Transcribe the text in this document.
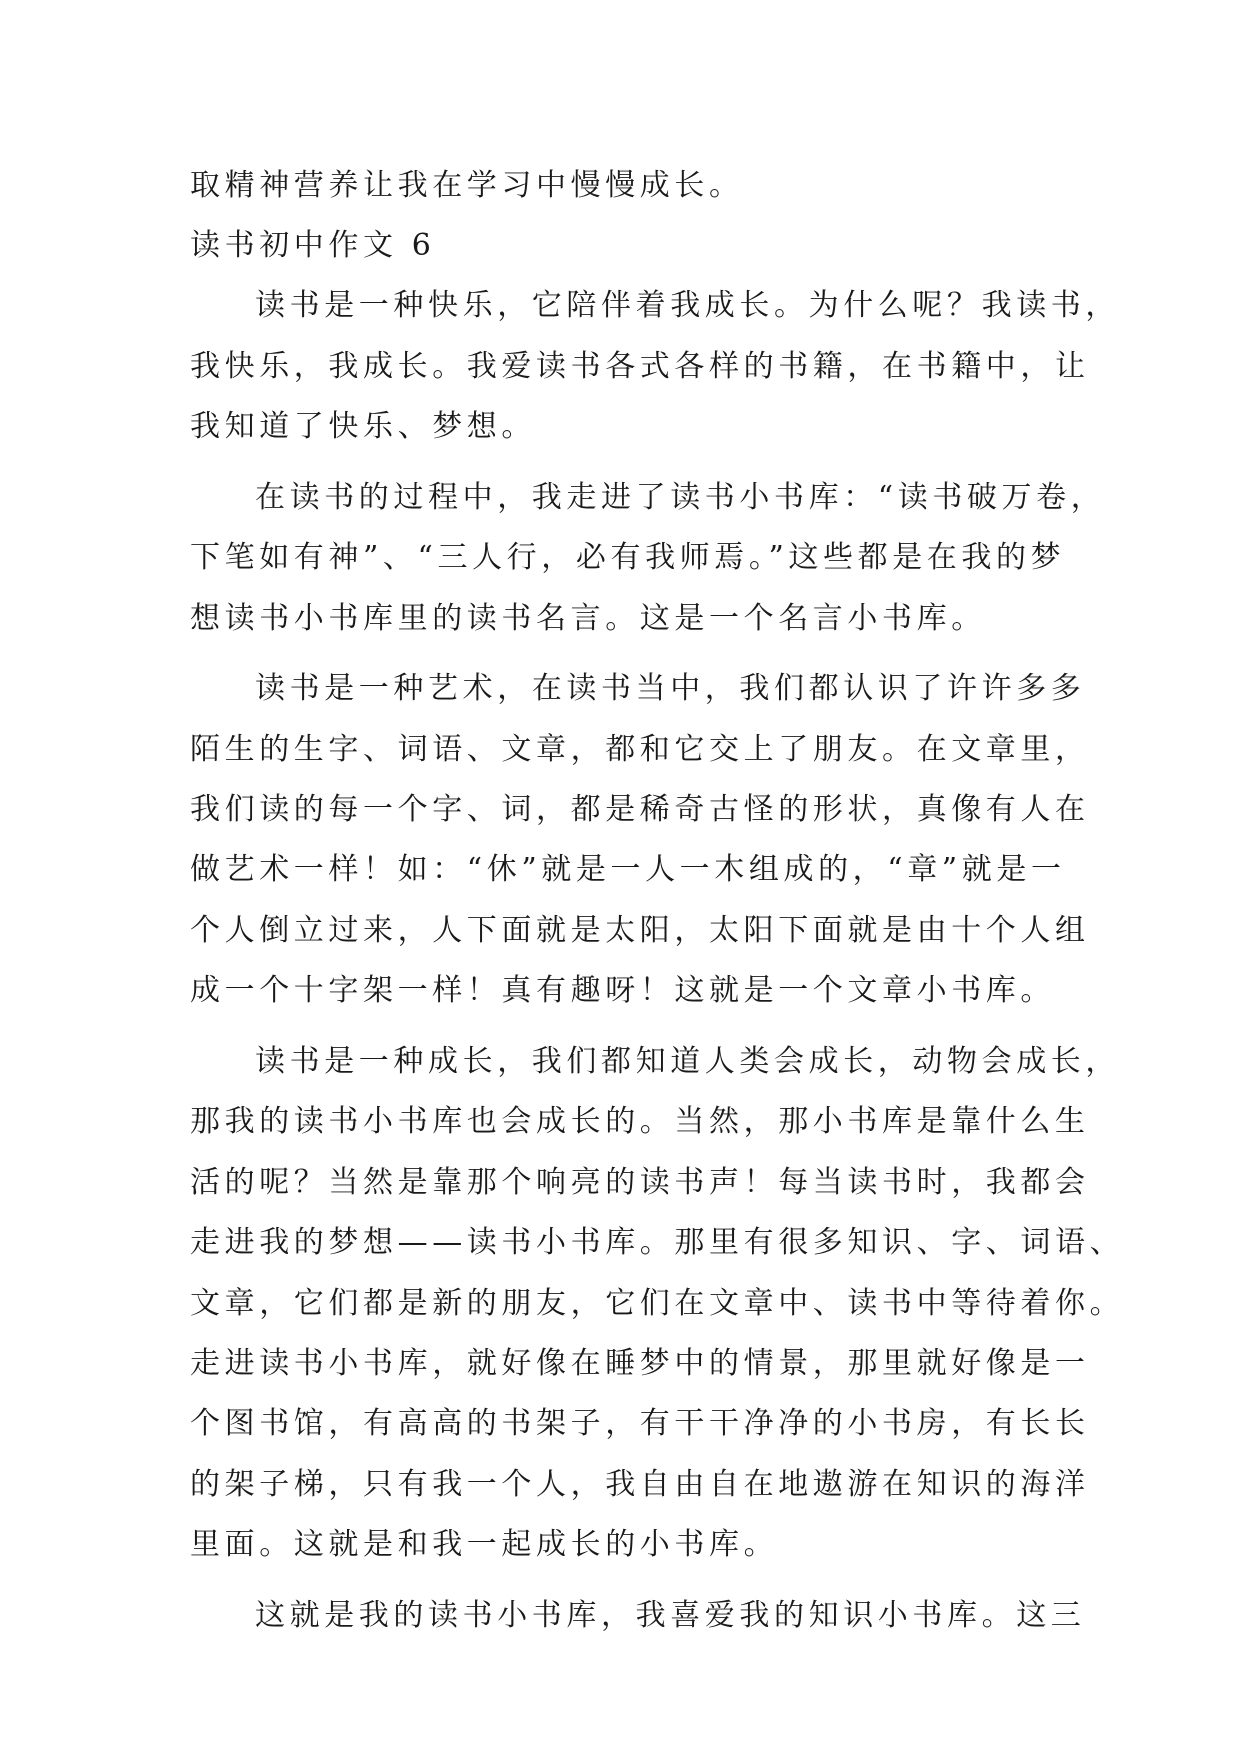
取精神营养让我在学习中慢慢成长。
读书初中作文 6
读书是一种快乐，它陪伴着我成长。为什么呢？我读书，
我快乐，我成长。我爱读书各式各样的书籍，在书籍中，让
我知道了快乐、梦想。
在读书的过程中，我走进了读书小书库：“读书破万卷，
下笔如有神”、“三人行，必有我师焉。”这些都是在我的梦
想读书小书库里的读书名言。这是一个名言小书库。
读书是一种艺术，在读书当中，我们都认识了许许多多
陌生的生字、词语、文章，都和它交上了朋友。在文章里，
我们读的每一个字、词，都是稀奇古怪的形状，真像有人在
做艺术一样！如：“休”就是一人一木组成的，“章”就是一
个人倒立过来，人下面就是太阳，太阳下面就是由十个人组
成一个十字架一样！真有趣呀！这就是一个文章小书库。
读书是一种成长，我们都知道人类会成长，动物会成长，
那我的读书小书库也会成长的。当然，那小书库是靠什么生
活的呢？当然是靠那个响亮的读书声！每当读书时，我都会
走进我的梦想——读书小书库。那里有很多知识、字、词语、
文章，它们都是新的朋友，它们在文章中、读书中等待着你。
走进读书小书库，就好像在睡梦中的情景，那里就好像是一
个图书馆，有高高的书架子，有干干净净的小书房，有长长
的架子梯，只有我一个人，我自由自在地遨游在知识的海洋
里面。这就是和我一起成长的小书库。
这就是我的读书小书库，我喜爱我的知识小书库。这三
